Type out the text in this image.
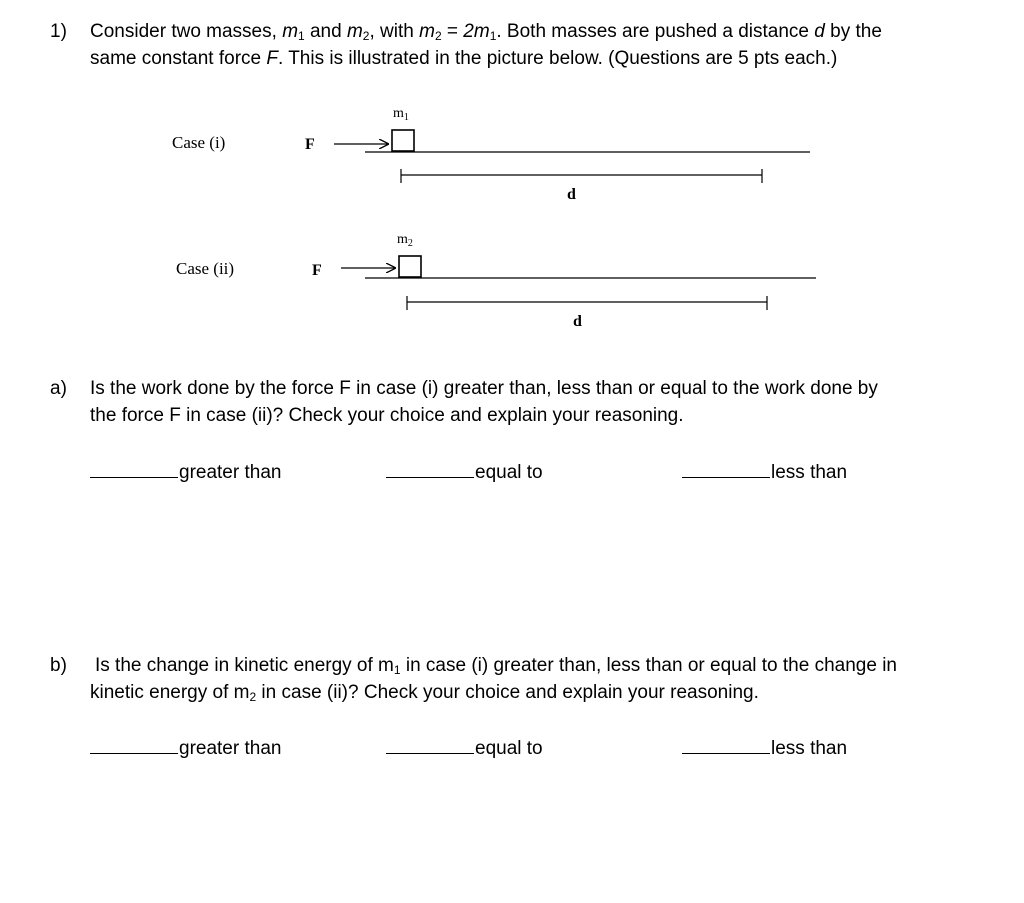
1) Consider two masses, $m_1$ and $m_2$, with $m_2 = 2m_1$. Both masses are pushed a distance d by the
same constant force F. This is illustrated in the picture below. (Questions are 5 pts each.)
Case (i)	F
$m_1$
d
Case (ii)	F
$m_2$
d
a) Is the work done by the force F in case (i) greater than, less than or equal to the work done by
the force F in case (ii)? Check your choice and explain your reasoning.
greater than	equal to	less than
b) Is the change in kinetic energy of $m_1$ in case (i) greater than, less than or equal to the change in
kinetic energy of $m_2$ in case (ii)? Check your choice and explain your reasoning.
greater than	equal to	less than
